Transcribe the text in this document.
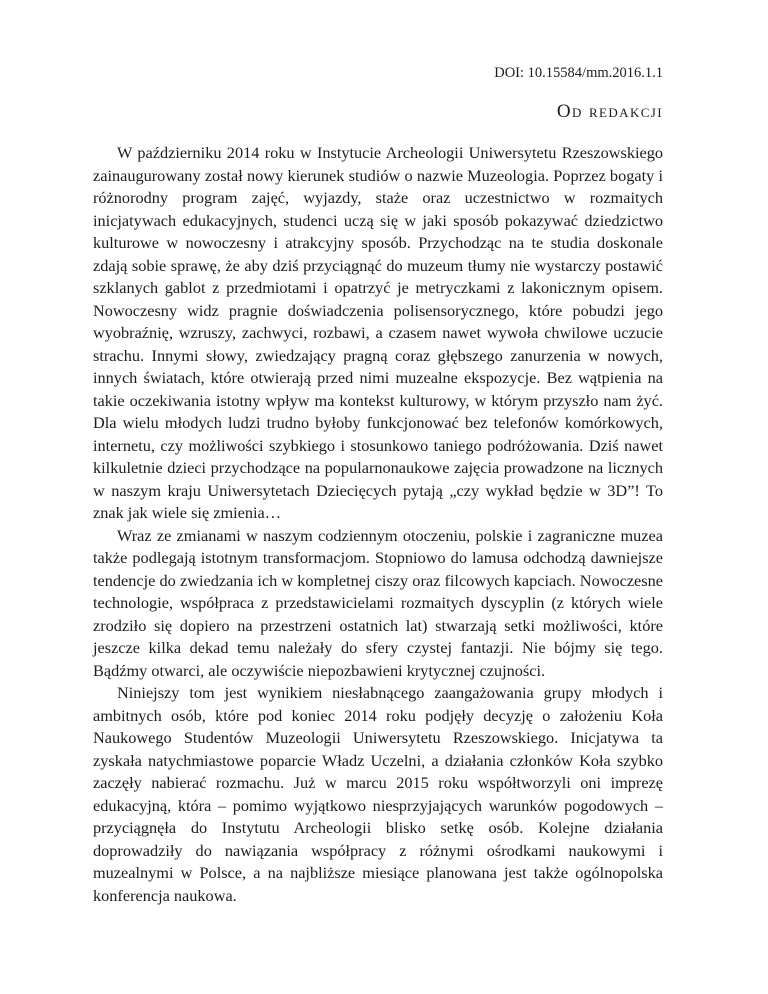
DOI: 10.15584/mm.2016.1.1

Od redakcji

W październiku 2014 roku w Instytucie Archeologii Uniwersytetu Rzeszowskiego zainaugurowany został nowy kierunek studiów o nazwie Muzeologia. Poprzez bogaty i różnorodny program zajęć, wyjazdy, staże oraz uczestnictwo w rozmaitych inicjatywach edukacyjnych, studenci uczą się w jaki sposób pokazywać dziedzictwo kulturowe w nowoczesny i atrakcyjny sposób. Przychodząc na te studia doskonale zdają sobie sprawę, że aby dziś przyciągnąć do muzeum tłumy nie wystarczy postawić szklanych gablot z przedmiotami i opatrzyć je metryczkami z lakonicznym opisem. Nowoczesny widz pragnie doświadczenia polisensorycznego, które pobudzi jego wyobraźnię, wzruszy, zachwyci, rozbawi, a czasem nawet wywoła chwilowe uczucie strachu. Innymi słowy, zwiedzający pragną coraz głębszego zanurzenia w nowych, innych światach, które otwierają przed nimi muzealne ekspozycje. Bez wątpienia na takie oczekiwania istotny wpływ ma kontekst kulturowy, w którym przyszło nam żyć. Dla wielu młodych ludzi trudno byłoby funkcjonować bez telefonów komórkowych, internetu, czy możliwości szybkiego i stosunkowo taniego podróżowania. Dziś nawet kilkuletnie dzieci przychodzące na popularnonaukowe zajęcia prowadzone na licznych w naszym kraju Uniwersytetach Dziecięcych pytają „czy wykład będzie w 3D”! To znak jak wiele się zmienia…

Wraz ze zmianami w naszym codziennym otoczeniu, polskie i zagraniczne muzea także podlegają istotnym transformacjom. Stopniowo do lamusa odchodzą dawniejsze tendencje do zwiedzania ich w kompletnej ciszy oraz filcowych kapciach. Nowoczesne technologie, współpraca z przedstawicielami rozmaitych dyscyplin (z których wiele zrodziło się dopiero na przestrzeni ostatnich lat) stwarzają setki możliwości, które jeszcze kilka dekad temu należały do sfery czystej fantazji. Nie bójmy się tego. Bądźmy otwarci, ale oczywiście niepozbawieni krytycznej czujności.

Niniejszy tom jest wynikiem niesłabnącego zaangażowania grupy młodych i ambitnych osób, które pod koniec 2014 roku podjęły decyzję o założeniu Koła Naukowego Studentów Muzeologii Uniwersytetu Rzeszowskiego. Inicjatywa ta zyskała natychmiastowe poparcie Władz Uczelni, a działania członków Koła szybko zaczęły nabierać rozmachu. Już w marcu 2015 roku współtworzyli oni imprezę edukacyjną, która – pomimo wyjątkowo niesprzyjających warunków pogodowych – przyciągnęła do Instytutu Archeologii blisko setkę osób. Kolejne działania doprowadziły do nawiązania współpracy z różnymi ośrodkami naukowymi i muzealnymi w Polsce, a na najbliższe miesiące planowana jest także ogólnopolska konferencja naukowa.
